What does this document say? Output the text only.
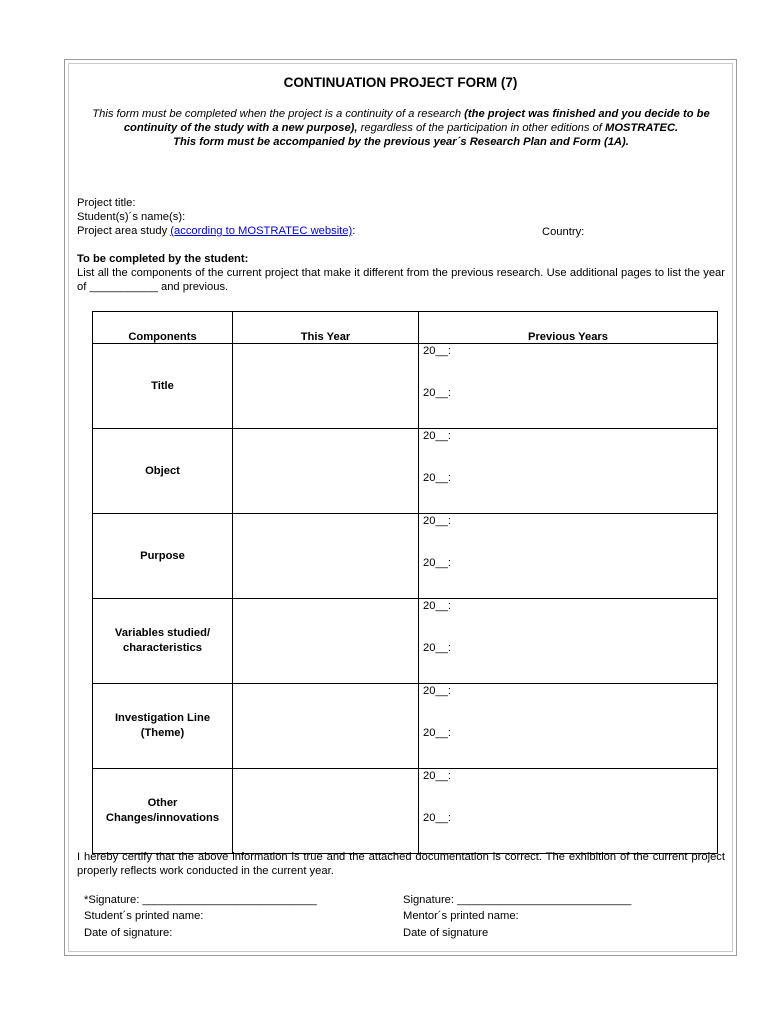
CONTINUATION PROJECT FORM (7)
This form must be completed when the project is a continuity of a research (the project was finished and you decide to be continuity of the study with a new purpose), regardless of the participation in other editions of MOSTRATEC.
This form must be accompanied by the previous year´s Research Plan and Form (1A).
Project title:
Student(s)´s name(s):
Project area study (according to MOSTRATEC website):	Country:
To be completed by the student:
List all the components of the current project that make it different from the previous research. Use additional pages to list the year of ___________ and previous.
Components	This Year	Previous Years
Title		20__:
20__:

Object		20__:
20__:

Purpose		20__:
20__:

Variables studied/ characteristics		20__:
20__:

Investigation Line (Theme)		20__:
20__:

Other Changes/innovations		20__:
20__:
I hereby certify that the above information is true and the attached documentation is correct. The exhibition of the current project properly reflects work conducted in the current year.
*Signature: ____________________________
Student´s printed name:
Date of signature:
Signature: ____________________________
Mentor´s printed name:
Date of signature
